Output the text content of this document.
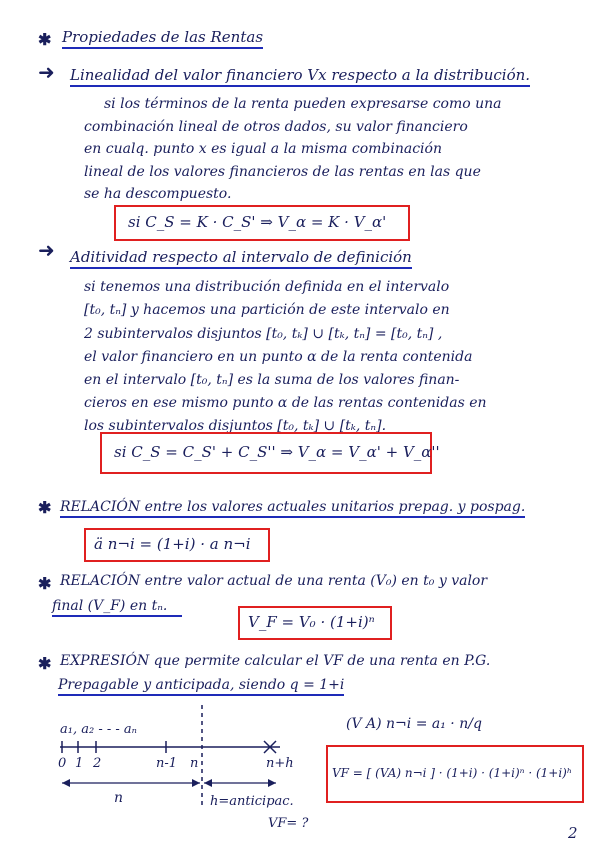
✱ Propiedades de las Rentas
➜ Linealidad del valor financiero Vx respecto a la distribución.
si los términos de la renta pueden expresarse como una
combinación lineal de otros dados, su valor financiero
en cualq. punto x es igual a la misma combinación
lineal de los valores financieros de las rentas en las que
se ha descompuesto.
si C_S = K · C_S' ⇒ V_α = K · V_α'
➜ Aditividad respecto al intervalo de definición
si tenemos una distribución definida en el intervalo
[t₀, tₙ] y hacemos una partición de este intervalo en
2 subintervalos disjuntos [t₀, tₖ] ∪ [tₖ, tₙ] = [t₀, tₙ] ,
el valor financiero en un punto α de la renta contenida
en el intervalo [t₀, tₙ] es la suma de los valores finan-
cieros en ese mismo punto α de las rentas contenidas en
los subintervalos disjuntos [t₀, tₖ] ∪ [tₖ, tₙ].
si C_S = C_S' + C_S'' ⇒ V_α = V_α' + V_α''
✱ RELACIÓN entre los valores actuales unitarios prepag. y pospag.
ä n¬i = (1+i) · a n¬i
✱ RELACIÓN entre valor actual de una renta (V₀) en t₀ y valor
final (V_F) en tₙ.
V_F = V₀ · (1+i)ⁿ
✱ EXPRESIÓN que permite calcular el VF de una renta en P.G.
Prepagable y anticipada, siendo q = 1+i
a₁, a₂ - - - aₙ
0 1 2	n-1 n	n+h
n	h=anticipac.
VF= ?
(V A) n¬i = a₁ · n/q
VF = [ (VA) n¬i ] · (1+i) · (1+i)ⁿ · (1+i)ʰ
2
